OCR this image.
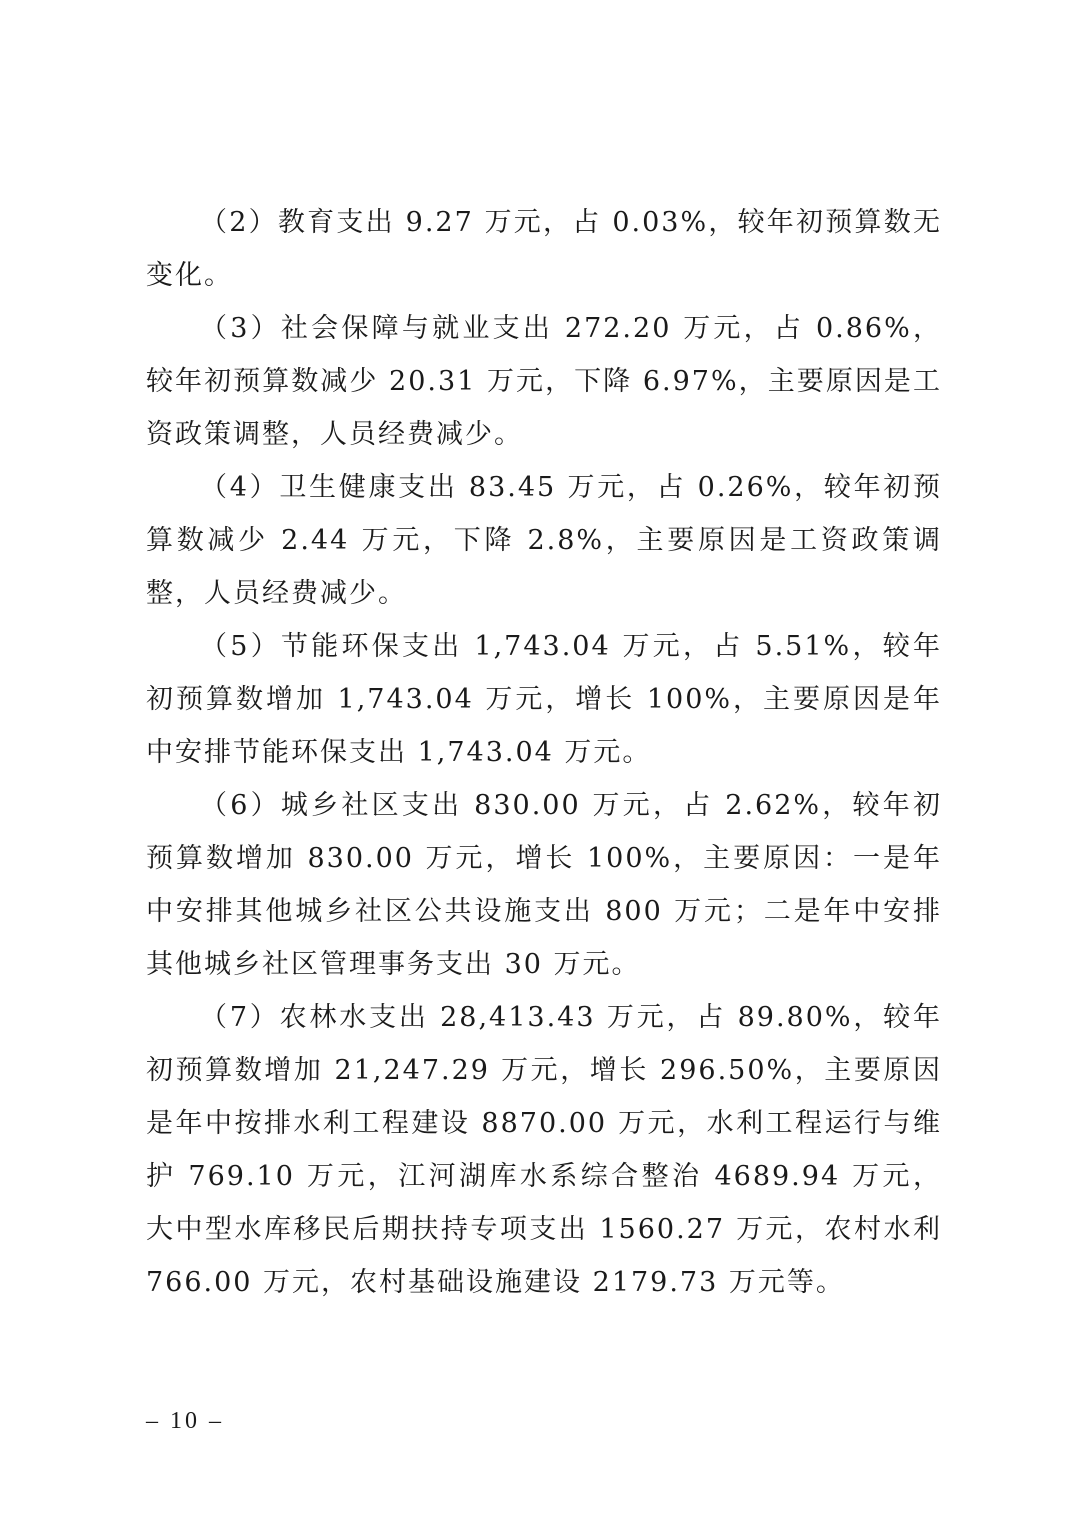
（2）教育支出 9.27 万元，占 0.03%，较年初预算数无变化。

（3）社会保障与就业支出 272.20 万元，占 0.86%，较年初预算数减少 20.31 万元，下降 6.97%，主要原因是工资政策调整，人员经费减少。

（4）卫生健康支出 83.45 万元，占 0.26%，较年初预算数减少 2.44 万元，下降 2.8%，主要原因是工资政策调整，人员经费减少。

（5）节能环保支出 1,743.04 万元，占 5.51%，较年初预算数增加 1,743.04 万元，增长 100%，主要原因是年中安排节能环保支出 1,743.04 万元。

（6）城乡社区支出 830.00 万元，占 2.62%，较年初预算数增加 830.00 万元，增长 100%，主要原因：一是年中安排其他城乡社区公共设施支出 800 万元；二是年中安排其他城乡社区管理事务支出 30 万元。

（7）农林水支出 28,413.43 万元，占 89.80%，较年初预算数增加 21,247.29 万元，增长 296.50%，主要原因是年中按排水利工程建设 8870.00 万元，水利工程运行与维护 769.10 万元，江河湖库水系综合整治 4689.94 万元，大中型水库移民后期扶持专项支出 1560.27 万元，农村水利 766.00 万元，农村基础设施建设 2179.73 万元等。

– 10 –
